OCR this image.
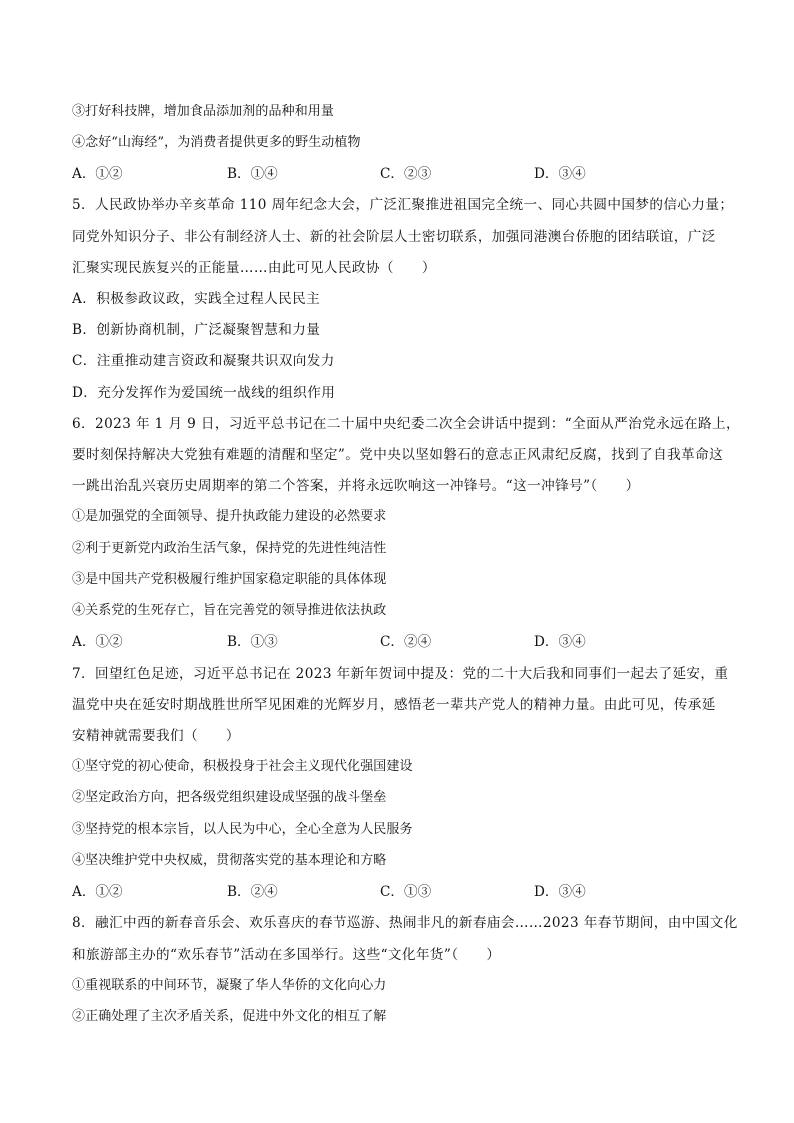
③打好科技牌，增加食品添加剂的品种和用量
④念好“山海经”，为消费者提供更多的野生动植物
A．①②	B．①④	C．②③	D．③④
5．人民政协举办辛亥革命 110 周年纪念大会，广泛汇聚推进祖国完全统一、同心共圆中国梦的信心力量；
同党外知识分子、非公有制经济人士、新的社会阶层人士密切联系，加强同港澳台侨胞的团结联谊，广泛
汇聚实现民族复兴的正能量……由此可见人民政协（　　）
A．积极参政议政，实践全过程人民民主
B．创新协商机制，广泛凝聚智慧和力量
C．注重推动建言资政和凝聚共识双向发力
D．充分发挥作为爱国统一战线的组织作用
6．2023 年 1 月 9 日，习近平总书记在二十届中央纪委二次全会讲话中提到：“全面从严治党永远在路上，
要时刻保持解决大党独有难题的清醒和坚定”。党中央以坚如磐石的意志正风肃纪反腐，找到了自我革命这
一跳出治乱兴衰历史周期率的第二个答案，并将永远吹响这一冲锋号。“这一冲锋号”（　　）
①是加强党的全面领导、提升执政能力建设的必然要求
②利于更新党内政治生活气象，保持党的先进性纯洁性
③是中国共产党积极履行维护国家稳定职能的具体体现
④关系党的生死存亡，旨在完善党的领导推进依法执政
A．①②	B．①③	C．②④	D．③④
7．回望红色足迹，习近平总书记在 2023 年新年贺词中提及：党的二十大后我和同事们一起去了延安，重
温党中央在延安时期战胜世所罕见困难的光辉岁月，感悟老一辈共产党人的精神力量。由此可见，传承延
安精神就需要我们（　　）
①坚守党的初心使命，积极投身于社会主义现代化强国建设
②坚定政治方向，把各级党组织建设成坚强的战斗堡垒
③坚持党的根本宗旨，以人民为中心，全心全意为人民服务
④坚决维护党中央权威，贯彻落实党的基本理论和方略
A．①②	B．②④	C．①③	D．③④
8．融汇中西的新春音乐会、欢乐喜庆的春节巡游、热闹非凡的新春庙会……2023 年春节期间，由中国文化
和旅游部主办的“欢乐春节”活动在多国举行。这些“文化年货”（　　）
①重视联系的中间环节，凝聚了华人华侨的文化向心力
②正确处理了主次矛盾关系，促进中外文化的相互了解
